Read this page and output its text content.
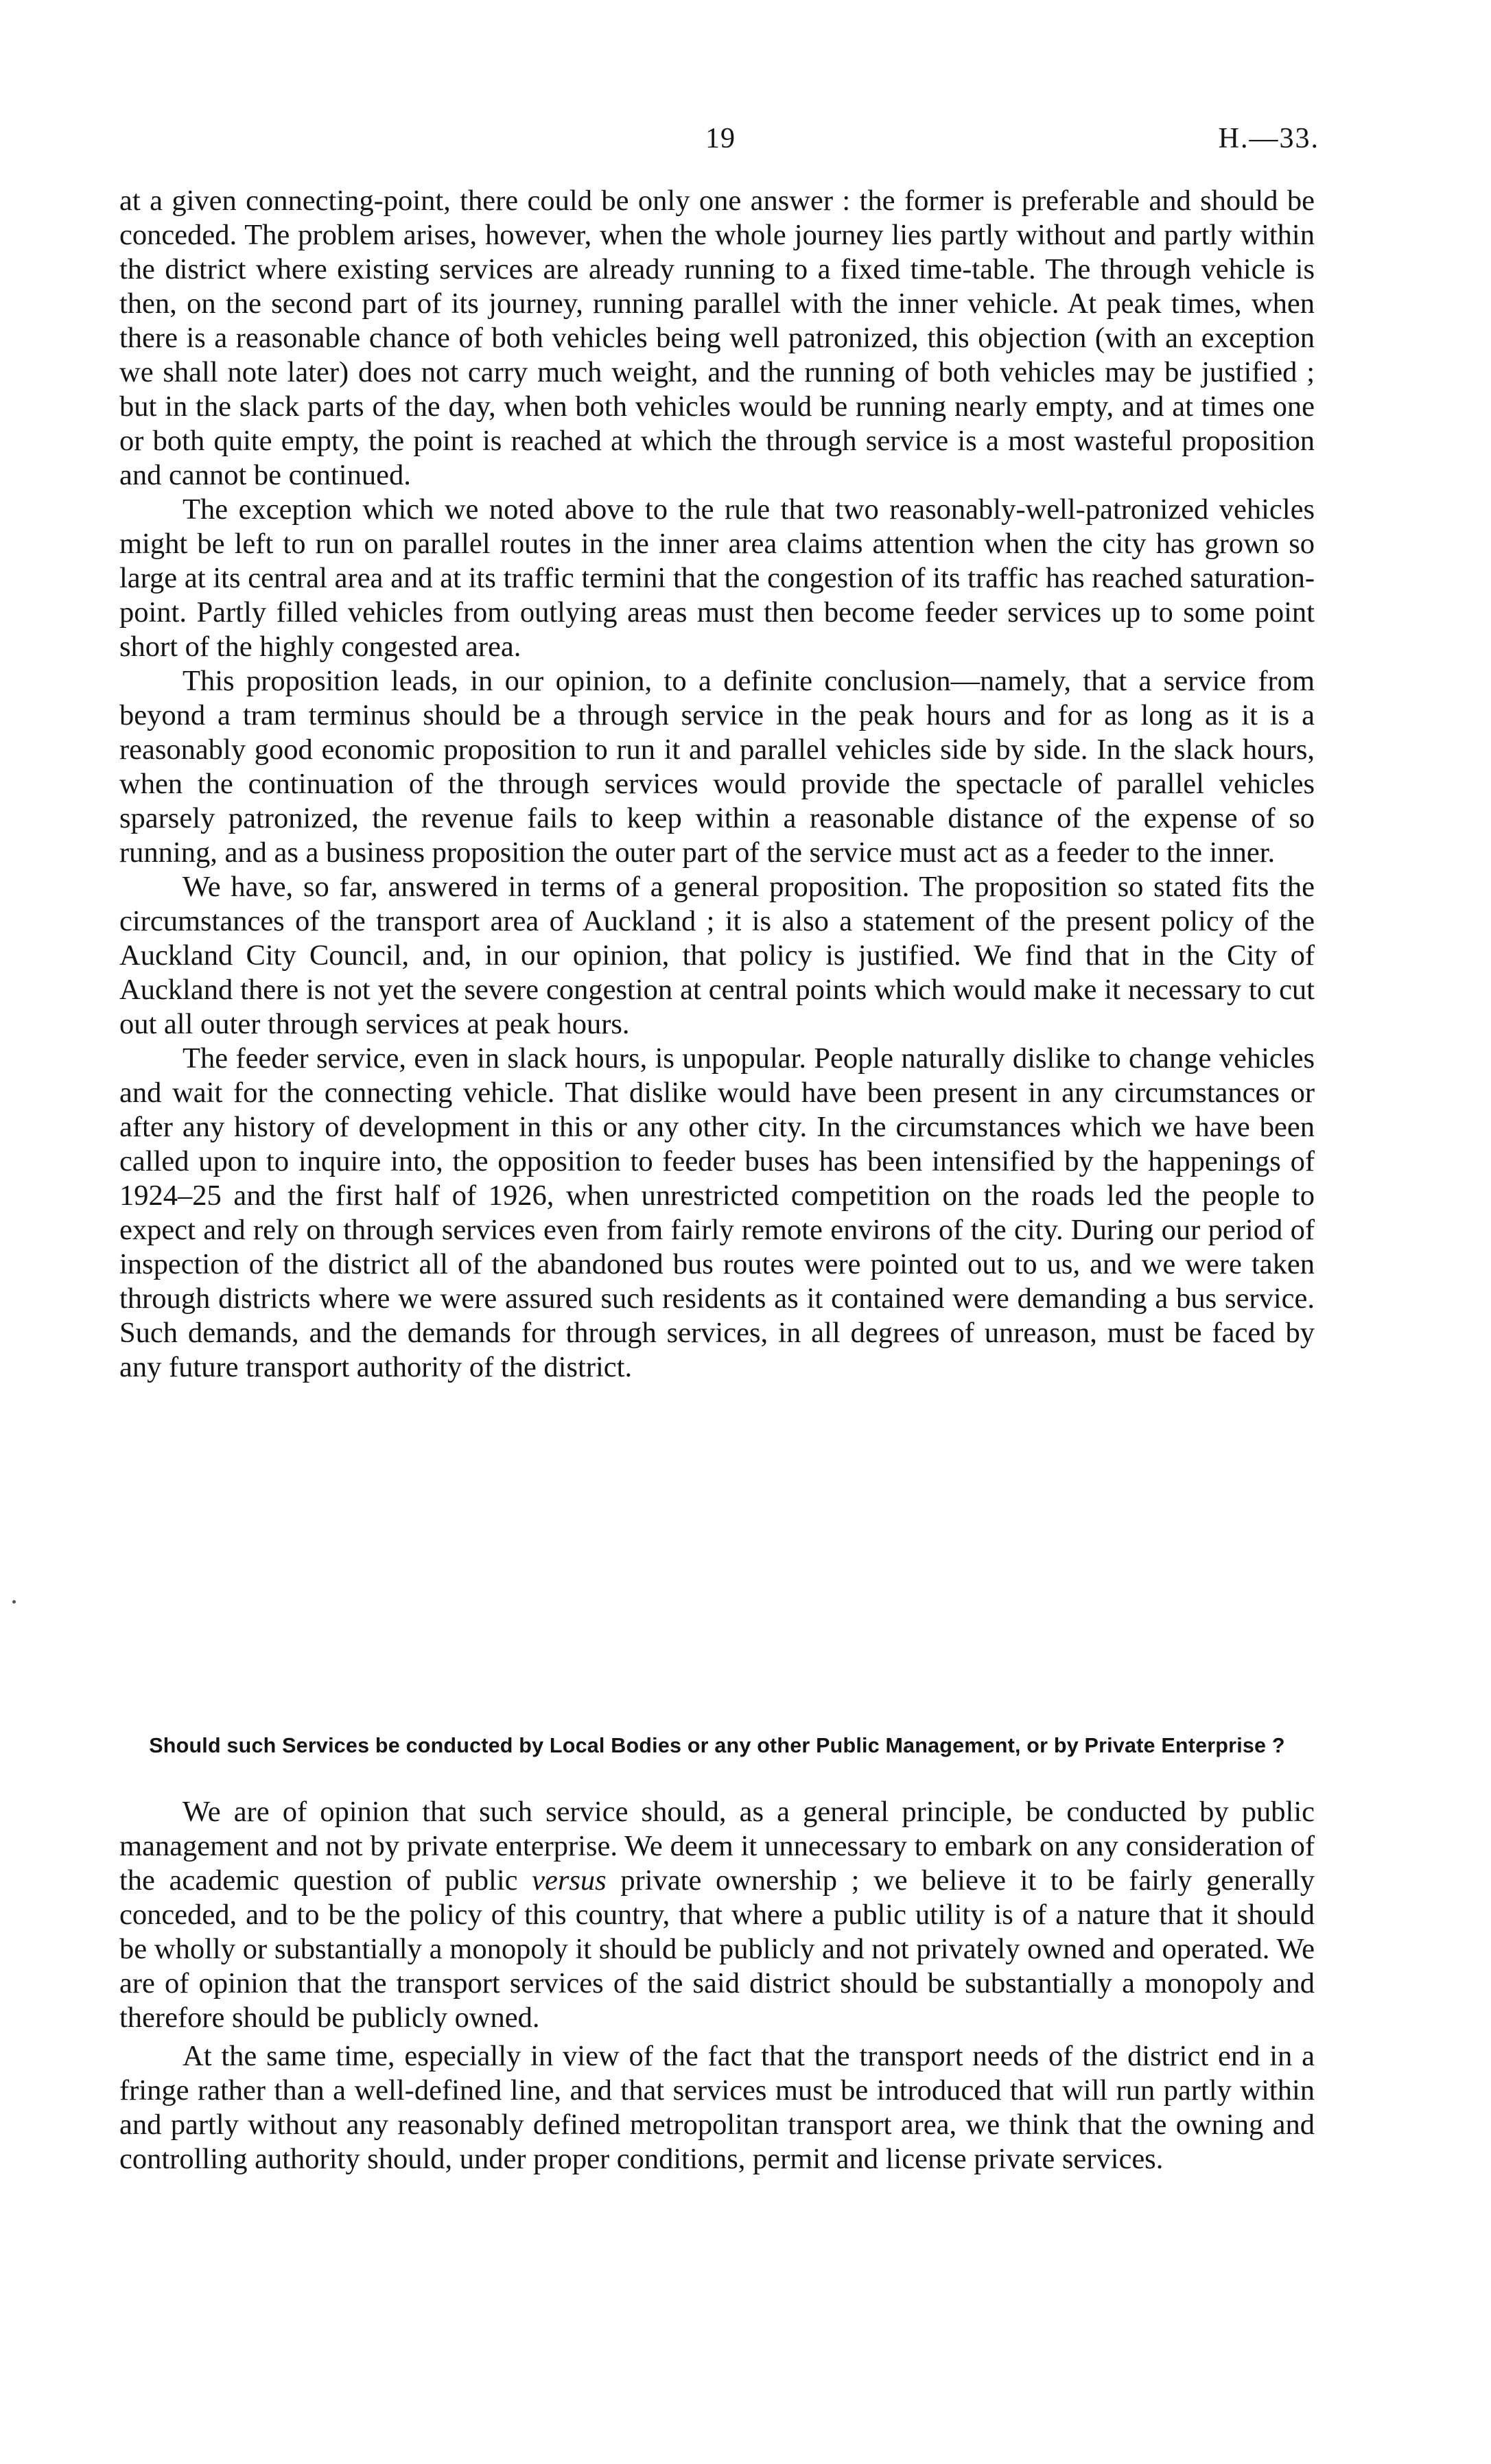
19	H.—33.

at a given connecting-point, there could be only one answer : the former is preferable and should be conceded. The problem arises, however, when the whole journey lies partly without and partly within the district where existing services are already running to a fixed time-table. The through vehicle is then, on the second part of its journey, running parallel with the inner vehicle. At peak times, when there is a reasonable chance of both vehicles being well patronized, this objection (with an exception we shall note later) does not carry much weight, and the running of both vehicles may be justified ; but in the slack parts of the day, when both vehicles would be running nearly empty, and at times one or both quite empty, the point is reached at which the through service is a most wasteful proposition and cannot be continued.

The exception which we noted above to the rule that two reasonably-well-patronized vehicles might be left to run on parallel routes in the inner area claims attention when the city has grown so large at its central area and at its traffic termini that the congestion of its traffic has reached saturation-point. Partly filled vehicles from outlying areas must then become feeder services up to some point short of the highly congested area.

This proposition leads, in our opinion, to a definite conclusion—namely, that a service from beyond a tram terminus should be a through service in the peak hours and for as long as it is a reasonably good economic proposition to run it and parallel vehicles side by side. In the slack hours, when the continuation of the through services would provide the spectacle of parallel vehicles sparsely patronized, the revenue fails to keep within a reasonable distance of the expense of so running, and as a business proposition the outer part of the service must act as a feeder to the inner.

We have, so far, answered in terms of a general proposition. The proposition so stated fits the circumstances of the transport area of Auckland ; it is also a statement of the present policy of the Auckland City Council, and, in our opinion, that policy is justified. We find that in the City of Auckland there is not yet the severe congestion at central points which would make it necessary to cut out all outer through services at peak hours.

The feeder service, even in slack hours, is unpopular. People naturally dislike to change vehicles and wait for the connecting vehicle. That dislike would have been present in any circumstances or after any history of development in this or any other city. In the circumstances which we have been called upon to inquire into, the opposition to feeder buses has been intensified by the happenings of 1924–25 and the first half of 1926, when unrestricted competition on the roads led the people to expect and rely on through services even from fairly remote environs of the city. During our period of inspection of the district all of the abandoned bus routes were pointed out to us, and we were taken through districts where we were assured such residents as it contained were demanding a bus service. Such demands, and the demands for through services, in all degrees of unreason, must be faced by any future transport authority of the district.

Should such Services be conducted by Local Bodies or any other Public Management, or by Private Enterprise ?

We are of opinion that such service should, as a general principle, be conducted by public management and not by private enterprise. We deem it unnecessary to embark on any consideration of the academic question of public versus private ownership ; we believe it to be fairly generally conceded, and to be the policy of this country, that where a public utility is of a nature that it should be wholly or substantially a monopoly it should be publicly and not privately owned and operated. We are of opinion that the transport services of the said district should be substantially a monopoly and therefore should be publicly owned.

At the same time, especially in view of the fact that the transport needs of the district end in a fringe rather than a well-defined line, and that services must be introduced that will run partly within and partly without any reasonably defined metropolitan transport area, we think that the owning and controlling authority should, under proper conditions, permit and license private services.
